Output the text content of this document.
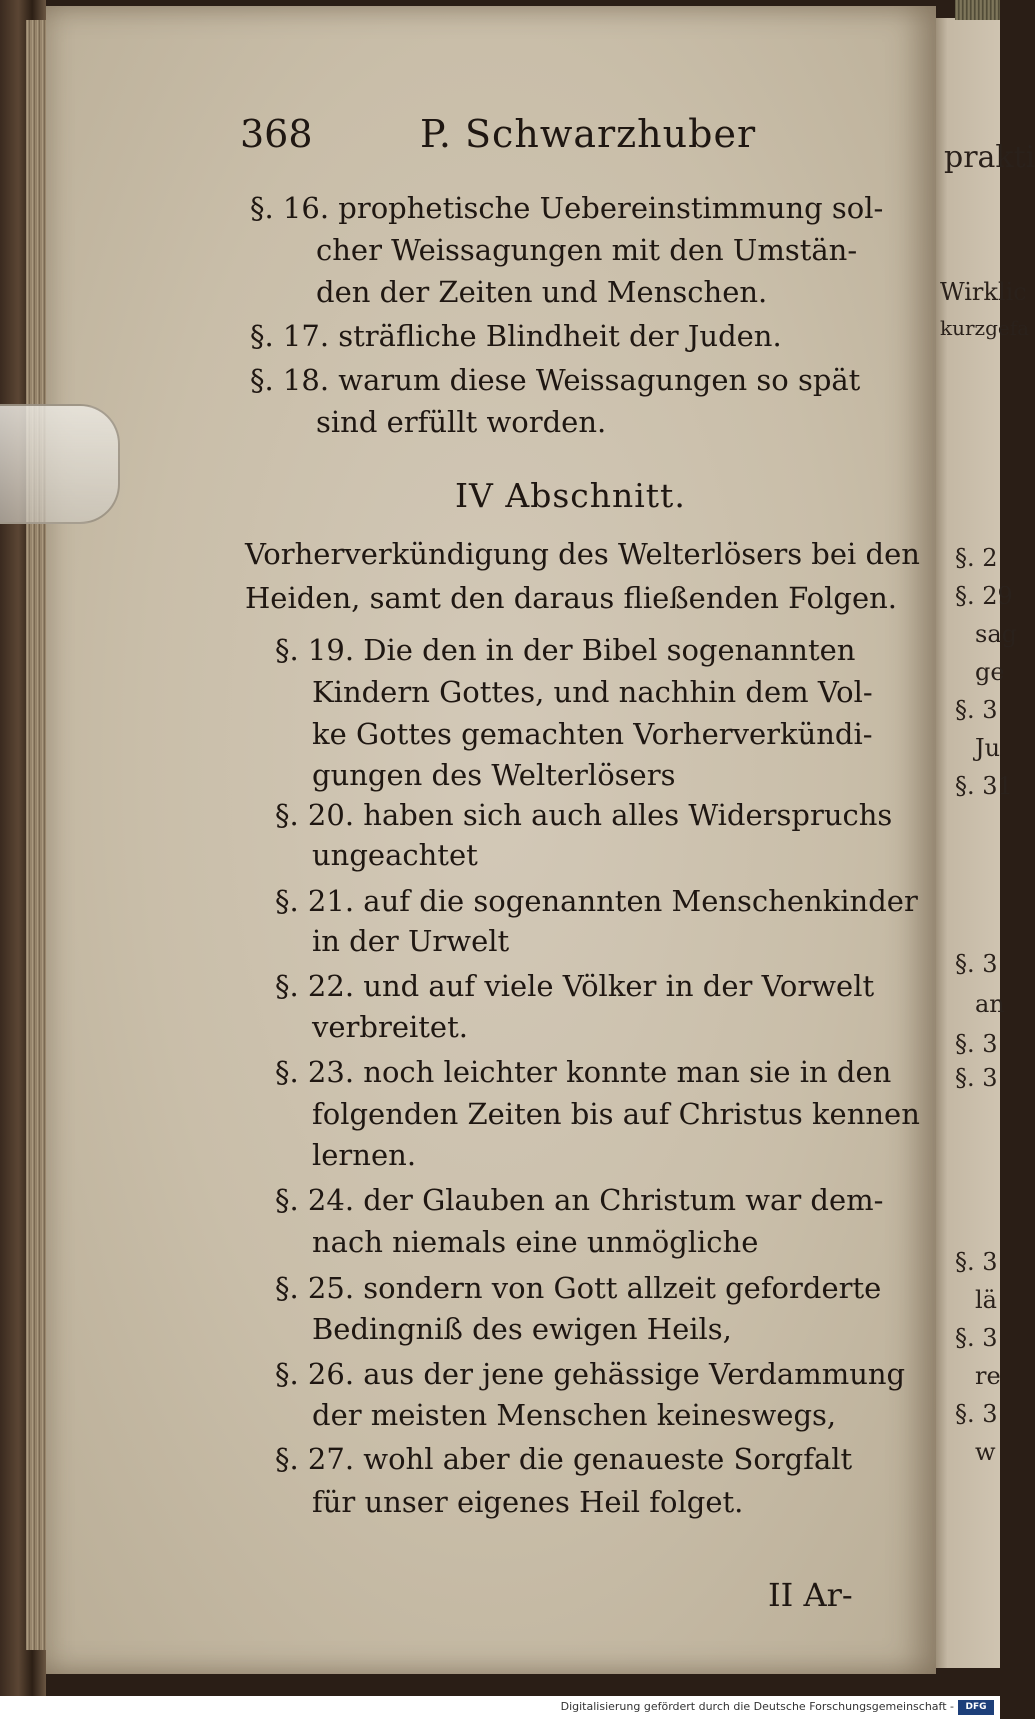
368	P. Schwarzhuber
§. 16. prophetische Uebereinstimmung sol-
cher Weissagungen mit den Umstän-
den der Zeiten und Menschen.
§. 17. sträfliche Blindheit der Juden.
§. 18. warum diese Weissagungen so spät
sind erfüllt worden.
IV Abschnitt.
Vorherverkündigung des Welterlösers bei den
Heiden, samt den daraus fließenden Folgen.
§. 19. Die den in der Bibel sogenannten
Kindern Gottes, und nachhin dem Vol-
ke Gottes gemachten Vorherverkündi-
gungen des Welterlösers
§. 20. haben sich auch alles Widerspruchs
ungeachtet
§. 21. auf die sogenannten Menschenkinder
in der Urwelt
§. 22. und auf viele Völker in der Vorwelt
verbreitet.
§. 23. noch leichter konnte man sie in den
folgenden Zeiten bis auf Christus kennen
lernen.
§. 24. der Glauben an Christum war dem-
nach niemals eine unmögliche
§. 25. sondern von Gott allzeit geforderte
Bedingniß des ewigen Heils,
§. 26. aus der jene gehässige Verdammung
der meisten Menschen keineswegs,
§. 27. wohl aber die genaueste Sorgfalt
für unser eigenes Heil folget.
II Ar-
prakti
Wirklic
kurzgefa
§. 2
§. 29
sag
ge
§. 3
Ju
§. 31
§. 3
an
§. 3
§. 3
§. 3
lä
§. 3
re
§. 3
w
Digitalisierung gefördert durch die Deutsche Forschungsgemeinschaft -	DFG
